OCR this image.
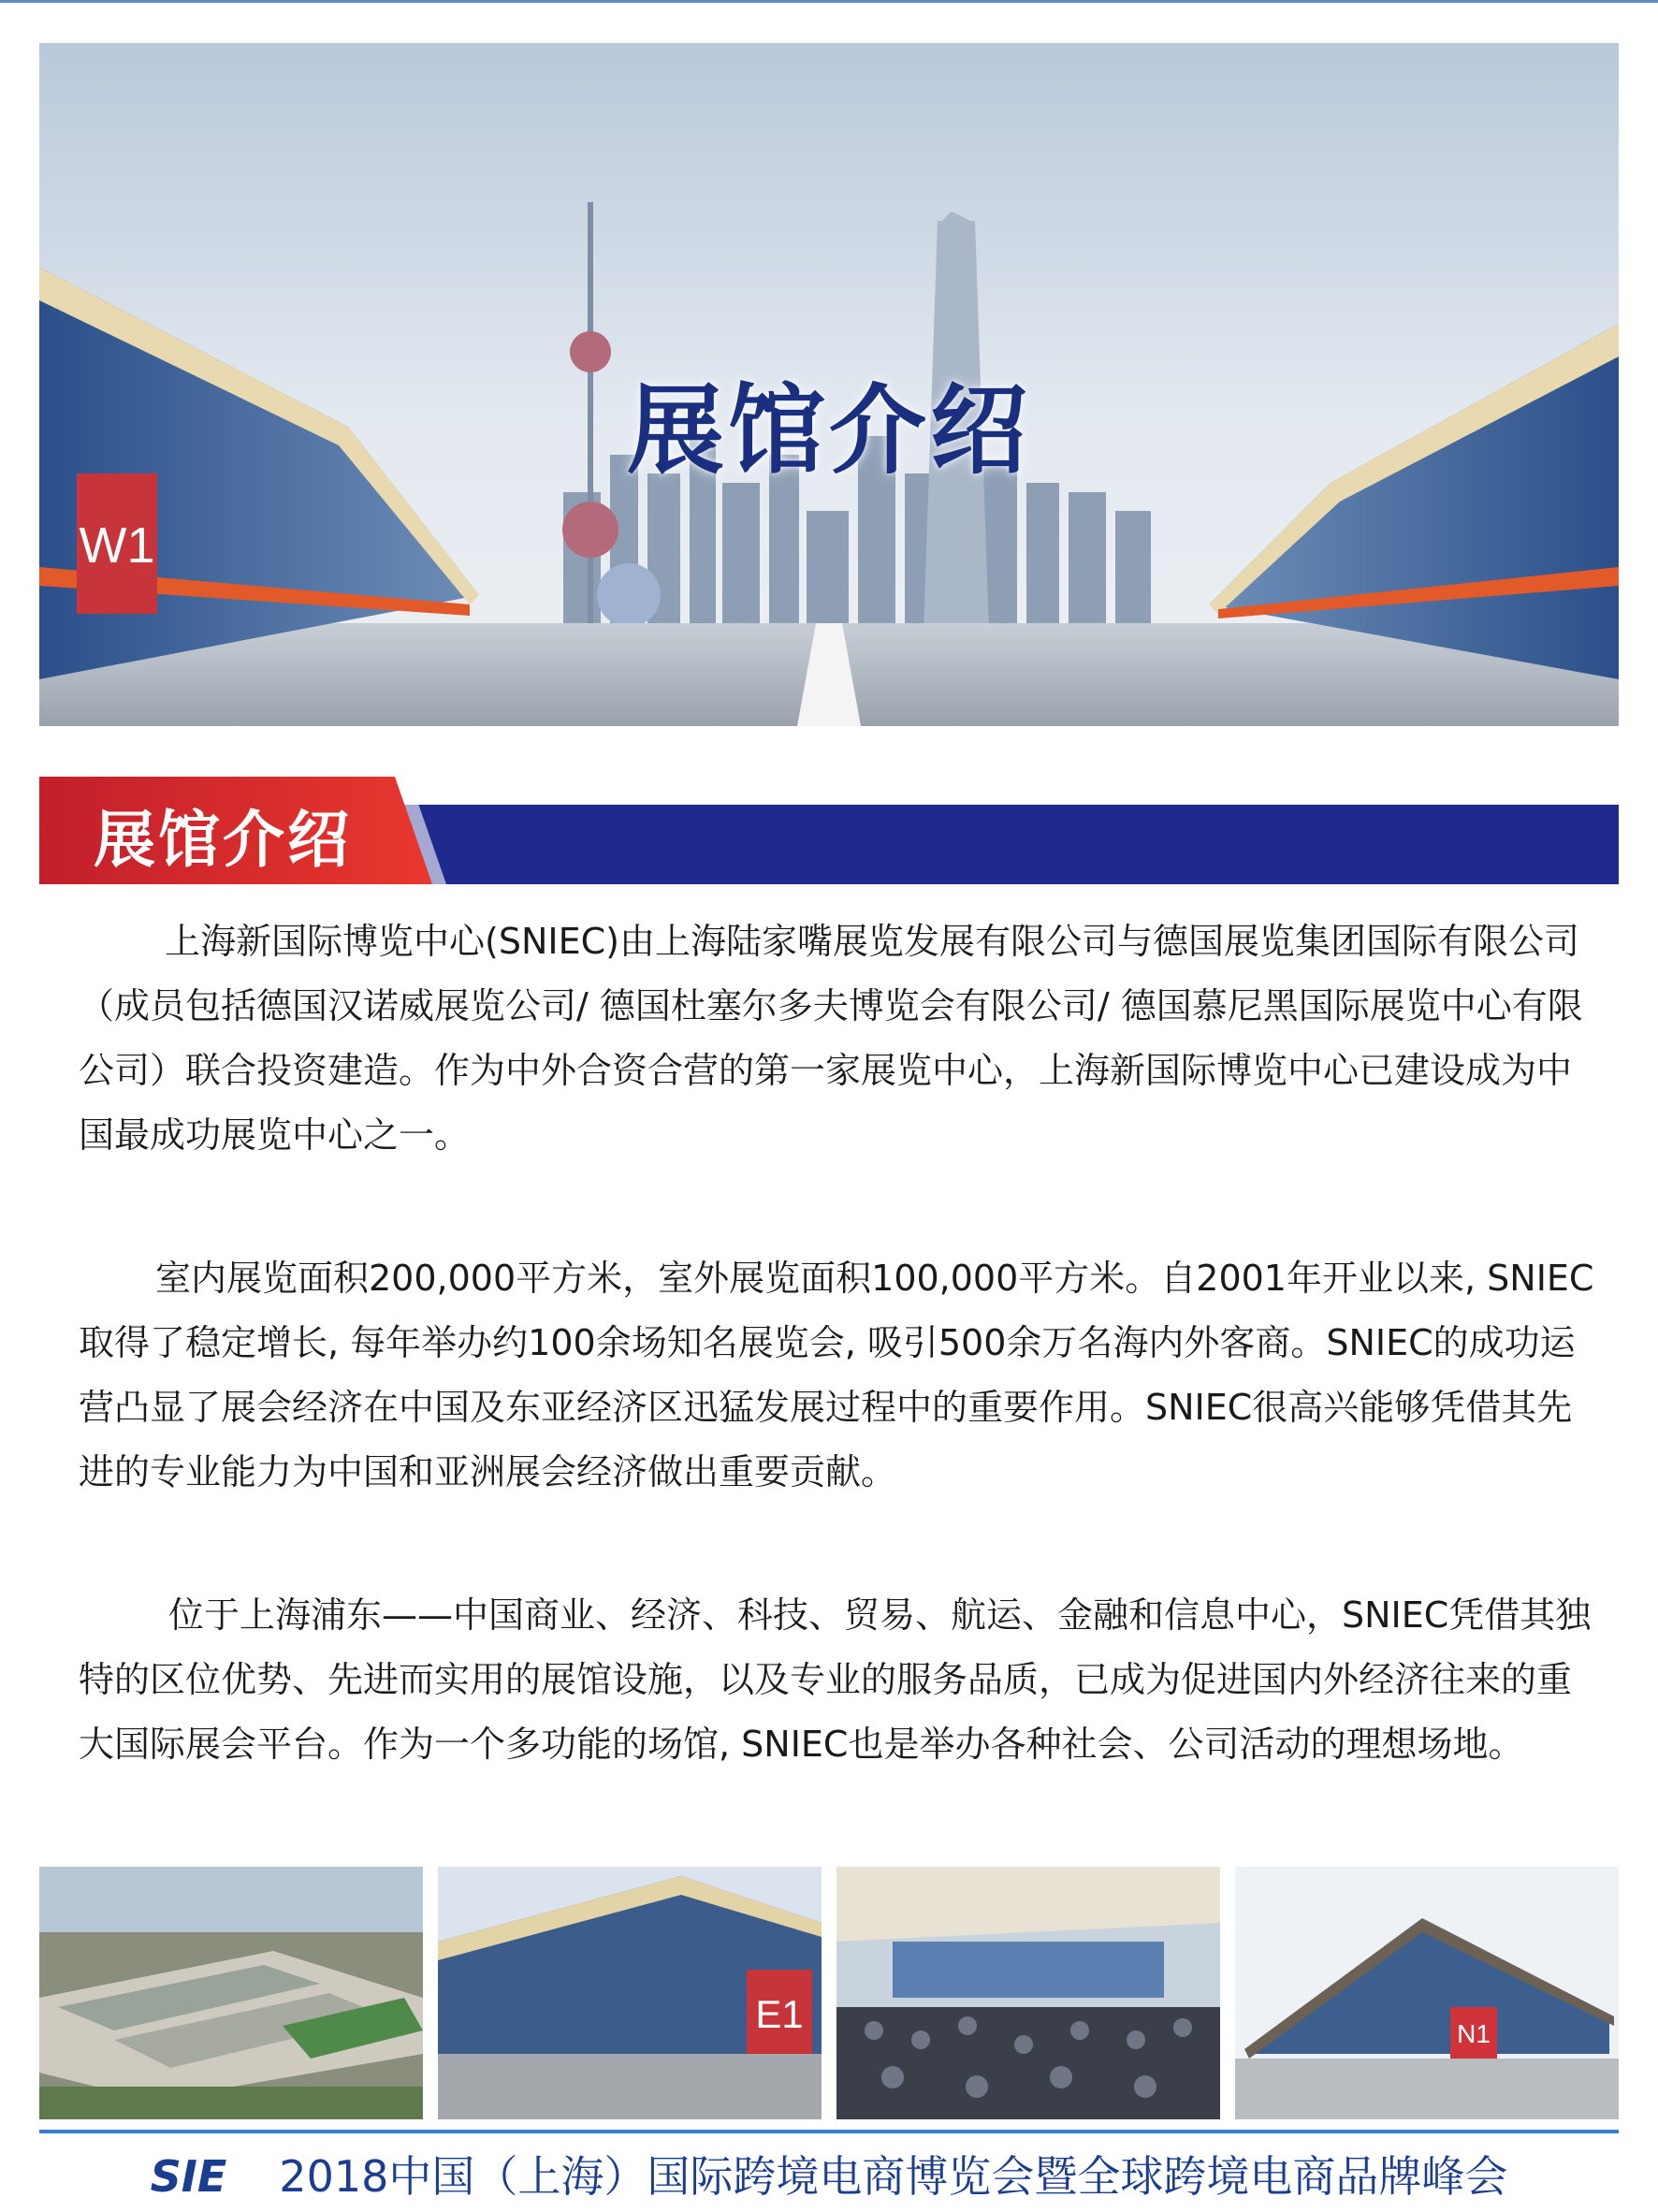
W1
展馆介绍
展馆介绍

上海新国际博览中心(SNIEC)由上海陆家嘴展览发展有限公司与德国展览集团国际有限公司（成员包括德国汉诺威展览公司/ 德国杜塞尔多夫博览会有限公司/ 德国慕尼黑国际展览中心有限公司）联合投资建造。作为中外合资合营的第一家展览中心，上海新国际博览中心已建设成为中国最成功展览中心之一。

室内展览面积200,000平方米，室外展览面积100,000平方米。自2001年开业以来, SNIEC取得了稳定增长, 每年举办约100余场知名展览会, 吸引500余万名海内外客商。SNIEC的成功运营凸显了展会经济在中国及东亚经济区迅猛发展过程中的重要作用。SNIEC很高兴能够凭借其先进的专业能力为中国和亚洲展会经济做出重要贡献。

位于上海浦东——中国商业、经济、科技、贸易、航运、金融和信息中心，SNIEC凭借其独特的区位优势、先进而实用的展馆设施，以及专业的服务品质，已成为促进国内外经济往来的重大国际展会平台。作为一个多功能的场馆, SNIEC也是举办各种社会、公司活动的理想场地。

E1	N1
SIE 2018中国（上海）国际跨境电商博览会暨全球跨境电商品牌峰会
